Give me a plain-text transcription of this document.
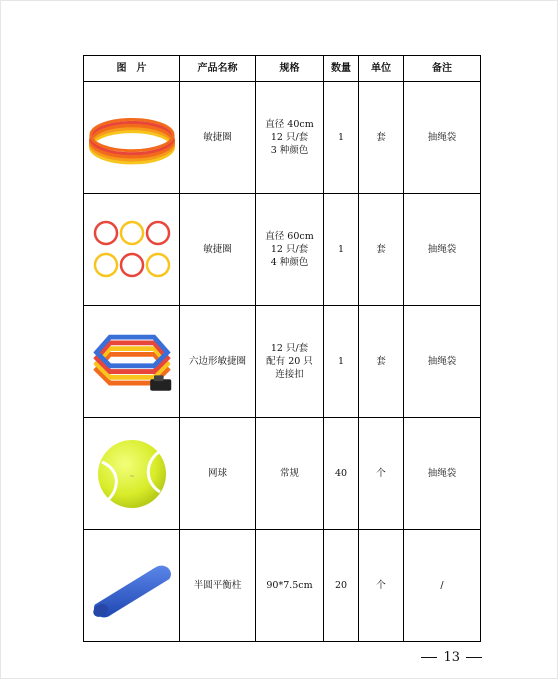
图　片	产品名称	规格	数量	单位	备注

	敏捷圈	直径 40cm
12 只/套
3 种颜色	1	套	抽绳袋

	敏捷圈	直径 60cm
12 只/套
4 种颜色	1	套	抽绳袋

	六边形敏捷圈	12 只/套
配有 20 只
连接扣	1	套	抽绳袋

~	网球	常规	40	个	抽绳袋

	半圆平衡柱	90*7.5cm	20	个	/
13
